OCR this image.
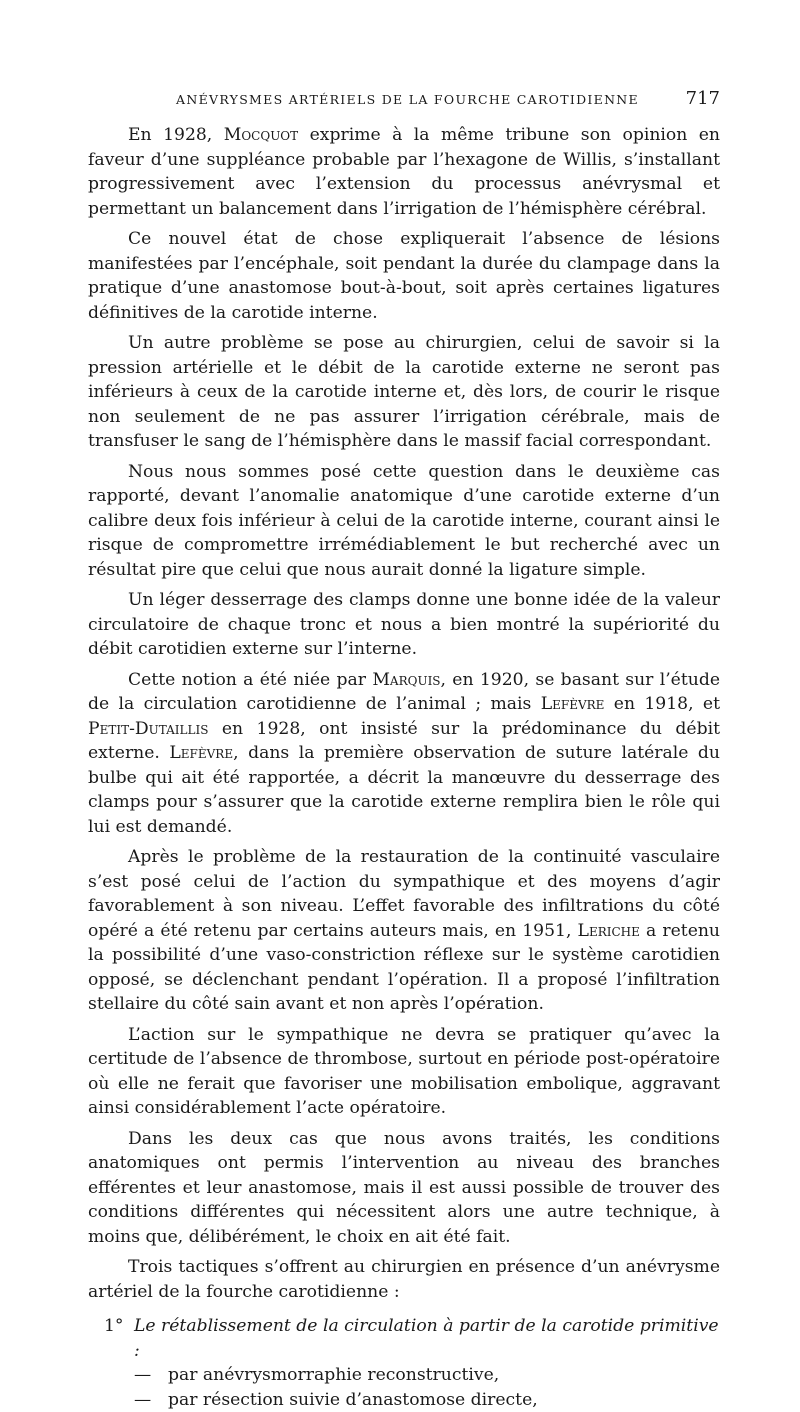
ANÉVRYSMES ARTÉRIELS DE LA FOURCHE CAROTIDIENNE	717

En 1928, Mocquot exprime à la même tribune son opinion en faveur d’une suppléance probable par l’hexagone de Willis, s’installant progressivement avec l’extension du processus anévrysmal et permettant un balancement dans l’irrigation de l’hémisphère cérébral.

Ce nouvel état de chose expliquerait l’absence de lésions manifestées par l’encéphale, soit pendant la durée du clampage dans la pratique d’une anastomose bout-à-bout, soit après certaines ligatures définitives de la carotide interne.

Un autre problème se pose au chirurgien, celui de savoir si la pression artérielle et le débit de la carotide externe ne seront pas inférieurs à ceux de la carotide interne et, dès lors, de courir le risque non seulement de ne pas assurer l’irrigation cérébrale, mais de transfuser le sang de l’hémisphère dans le massif facial correspondant.

Nous nous sommes posé cette question dans le deuxième cas rapporté, devant l’anomalie anatomique d’une carotide externe d’un calibre deux fois inférieur à celui de la carotide interne, courant ainsi le risque de compromettre irrémédiablement le but recherché avec un résultat pire que celui que nous aurait donné la ligature simple.

Un léger desserrage des clamps donne une bonne idée de la valeur circulatoire de chaque tronc et nous a bien montré la supériorité du débit carotidien externe sur l’interne.

Cette notion a été niée par Marquis, en 1920, se basant sur l’étude de la circulation carotidienne de l’animal ; mais Lefèvre en 1918, et Petit-Dutaillis en 1928, ont insisté sur la prédominance du débit externe. Lefèvre, dans la première observation de suture latérale du bulbe qui ait été rapportée, a décrit la manœuvre du desserrage des clamps pour s’assurer que la carotide externe remplira bien le rôle qui lui est demandé.

Après le problème de la restauration de la continuité vasculaire s’est posé celui de l’action du sympathique et des moyens d’agir favorablement à son niveau. L’effet favorable des infiltrations du côté opéré a été retenu par certains auteurs mais, en 1951, Leriche a retenu la possibilité d’une vaso-constriction réflexe sur le système carotidien opposé, se déclenchant pendant l’opération. Il a proposé l’infiltration stellaire du côté sain avant et non après l’opération.

L’action sur le sympathique ne devra se pratiquer qu’avec la certitude de l’absence de thrombose, surtout en période post-opératoire où elle ne ferait que favoriser une mobilisation embolique, aggravant ainsi considérablement l’acte opératoire.

Dans les deux cas que nous avons traités, les conditions anatomiques ont permis l’intervention au niveau des branches efférentes et leur anastomose, mais il est aussi possible de trouver des conditions différentes qui nécessitent alors une autre technique, à moins que, délibérément, le choix en ait été fait.

Trois tactiques s’offrent au chirurgien en présence d’un anévrysme artériel de la fourche carotidienne :

1° Le rétablissement de la circulation à partir de la carotide primitive :
— par anévrysmorraphie reconstructive,
— par résection suivie d’anastomose directe,
